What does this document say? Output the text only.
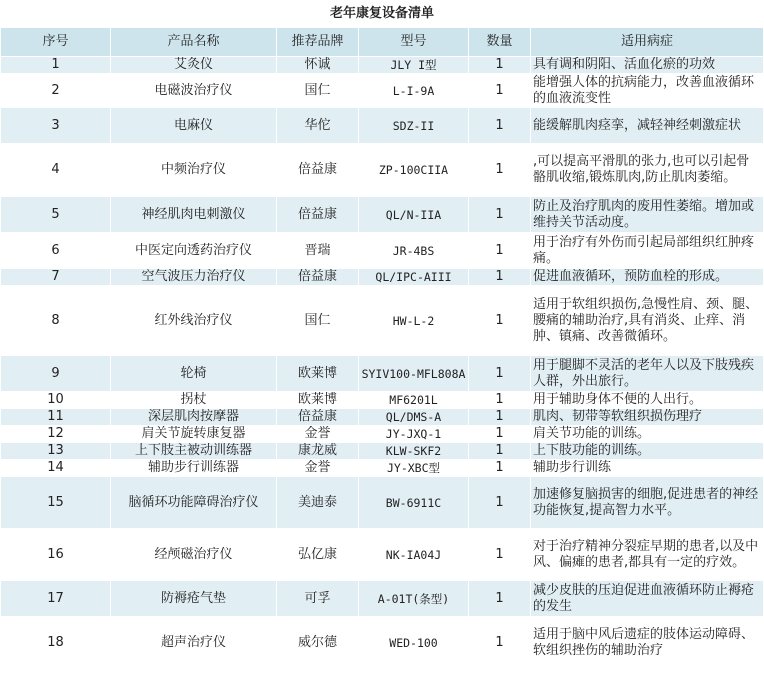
老年康复设备清单					
序号	产品名称	推荐品牌	型号	数量	适用病症
1	艾灸仪	怀诚	JLY I型	1	具有调和阴阳、活血化瘀的功效
2	电磁波治疗仪	国仁	L-I-9A	1	能增强人体的抗病能力，改善血液循环的血液流变性
3	电麻仪	华佗	SDZ-II	1	能缓解肌肉痉挛，减轻神经刺激症状
4	中频治疗仪	倍益康	ZP-100CIIA	1	,可以提高平滑肌的张力,也可以引起骨骼肌收缩,锻炼肌肉,防止肌肉萎缩。
5	神经肌肉电刺激仪	倍益康	QL/N-IIA	1	防止及治疗肌肉的废用性萎缩。增加或维持关节活动度。
6	中医定向透药治疗仪	晋瑞	JR-4BS	1	用于治疗有外伤而引起局部组织红肿疼痛。
7	空气波压力治疗仪	倍益康	QL/IPC-AIII	1	促进血液循环，预防血栓的形成。
8	红外线治疗仪	国仁	HW-L-2	1	适用于软组织损伤,急慢性肩、颈、腿、腰痛的辅助治疗,具有消炎、止痒、消肿、镇痛、改善微循环。
9	轮椅	欧莱博	SYIV100-MFL808A	1	用于腿脚不灵活的老年人以及下肢残疾人群，外出旅行。
10	拐杖	欧莱博	MF6201L	1	用于辅助身体不便的人出行。
11	深层肌肉按摩器	倍益康	QL/DMS-A	1	肌肉、韧带等软组织损伤理疗
12	肩关节旋转康复器	金誉	JY-JXQ-1	1	肩关节功能的训练。
13	上下肢主被动训练器	康龙威	KLW-SKF2	1	上下肢功能的训练。
14	辅助步行训练器	金誉	JY-XBC型	1	辅助步行训练
15	脑循环功能障碍治疗仪	美迪泰	BW-6911C	1	加速修复脑损害的细胞,促进患者的神经功能恢复,提高智力水平。
16	经颅磁治疗仪	弘亿康	NK-IA04J	1	对于治疗精神分裂症早期的患者,以及中风、偏瘫的患者,都具有一定的疗效。
17	防褥疮气垫	可孚	A-01T(条型)	1	减少皮肤的压迫促进血液循环防止褥疮的发生
18	超声治疗仪	威尔德	WED-100	1	适用于脑中风后遗症的肢体运动障碍、软组织挫伤的辅助治疗
